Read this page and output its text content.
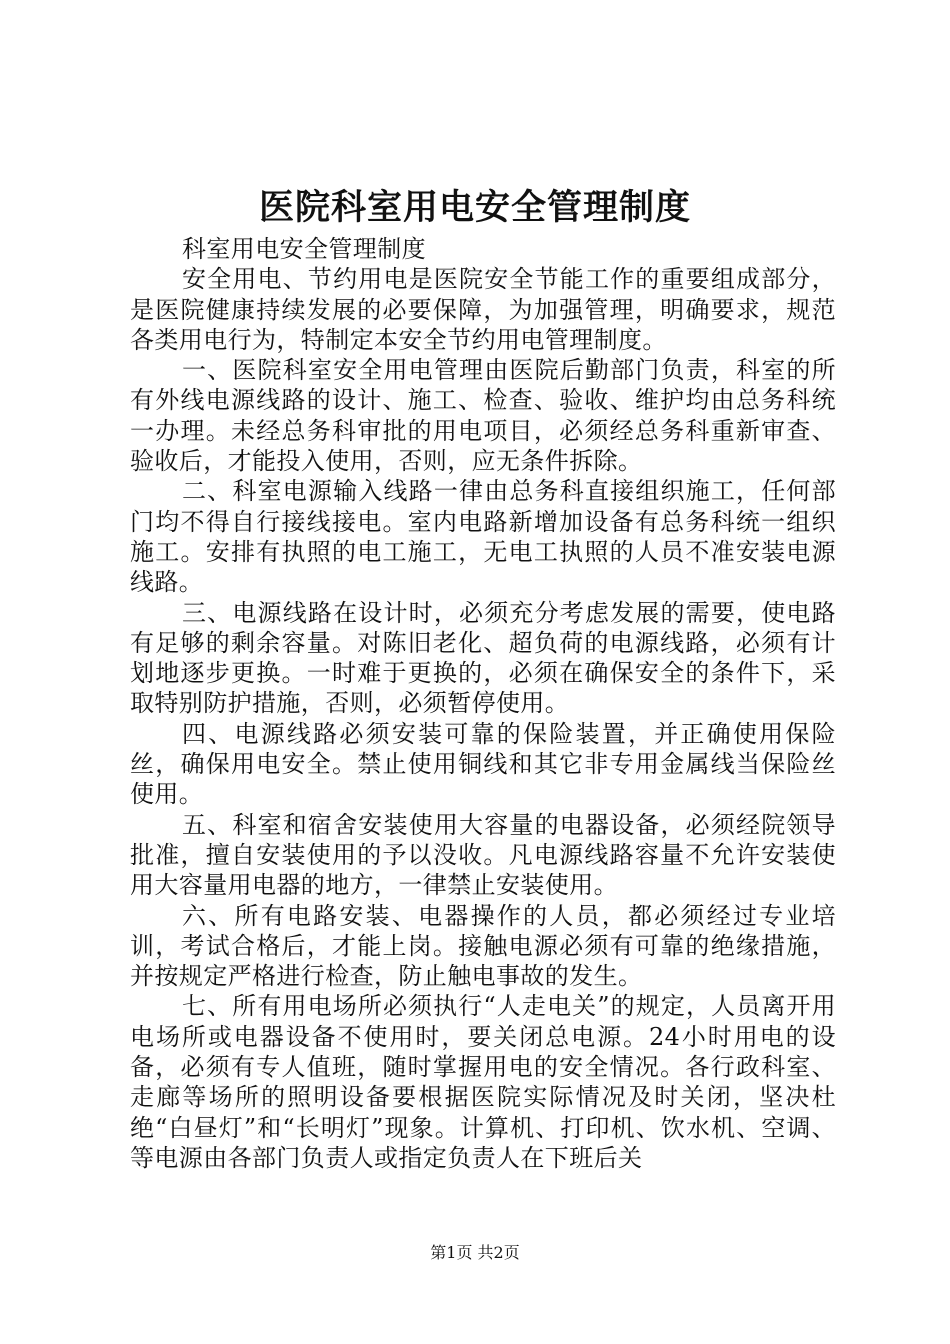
医院科室用电安全管理制度

科室用电安全管理制度

安全用电、节约用电是医院安全节能工作的重要组成部分，是医院健康持续发展的必要保障，为加强管理，明确要求，规范各类用电行为，特制定本安全节约用电管理制度。

一、医院科室安全用电管理由医院后勤部门负责，科室的所有外线电源线路的设计、施工、检查、验收、维护均由总务科统一办理。未经总务科审批的用电项目，必须经总务科重新审查、验收后，才能投入使用，否则，应无条件拆除。

二、科室电源输入线路一律由总务科直接组织施工，任何部门均不得自行接线接电。室内电路新增加设备有总务科统一组织施工。安排有执照的电工施工，无电工执照的人员不准安装电源线路。

三、电源线路在设计时，必须充分考虑发展的需要，使电路有足够的剩余容量。对陈旧老化、超负荷的电源线路，必须有计划地逐步更换。一时难于更换的，必须在确保安全的条件下，采取特别防护措施，否则，必须暂停使用。

四、电源线路必须安装可靠的保险装置，并正确使用保险丝，确保用电安全。禁止使用铜线和其它非专用金属线当保险丝使用。

五、科室和宿舍安装使用大容量的电器设备，必须经院领导批准，擅自安装使用的予以没收。凡电源线路容量不允许安装使用大容量用电器的地方，一律禁止安装使用。

六、所有电路安装、电器操作的人员，都必须经过专业培训，考试合格后，才能上岗。接触电源必须有可靠的绝缘措施，并按规定严格进行检查，防止触电事故的发生。

七、所有用电场所必须执行“人走电关”的规定，人员离开用电场所或电器设备不使用时，要关闭总电源。24小时用电的设备，必须有专人值班，随时掌握用电的安全情况。各行政科室、走廊等场所的照明设备要根据医院实际情况及时关闭，坚决杜绝“白昼灯”和“长明灯”现象。计算机、打印机、饮水机、空调、等电源由各部门负责人或指定负责人在下班后关

第1页 共2页
